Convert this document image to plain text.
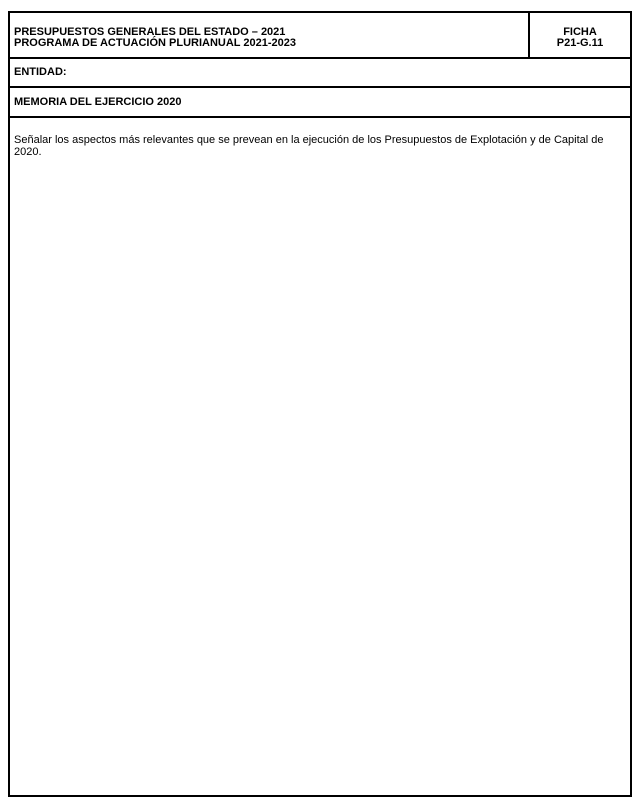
PRESUPUESTOS GENERALES DEL ESTADO – 2021
PROGRAMA DE ACTUACIÓN PLURIANUAL 2021-2023
FICHA
P21-G.11
ENTIDAD:
MEMORIA DEL EJERCICIO 2020
Señalar los aspectos más relevantes que se prevean en la ejecución de los Presupuestos de Explotación y de Capital de 2020.
